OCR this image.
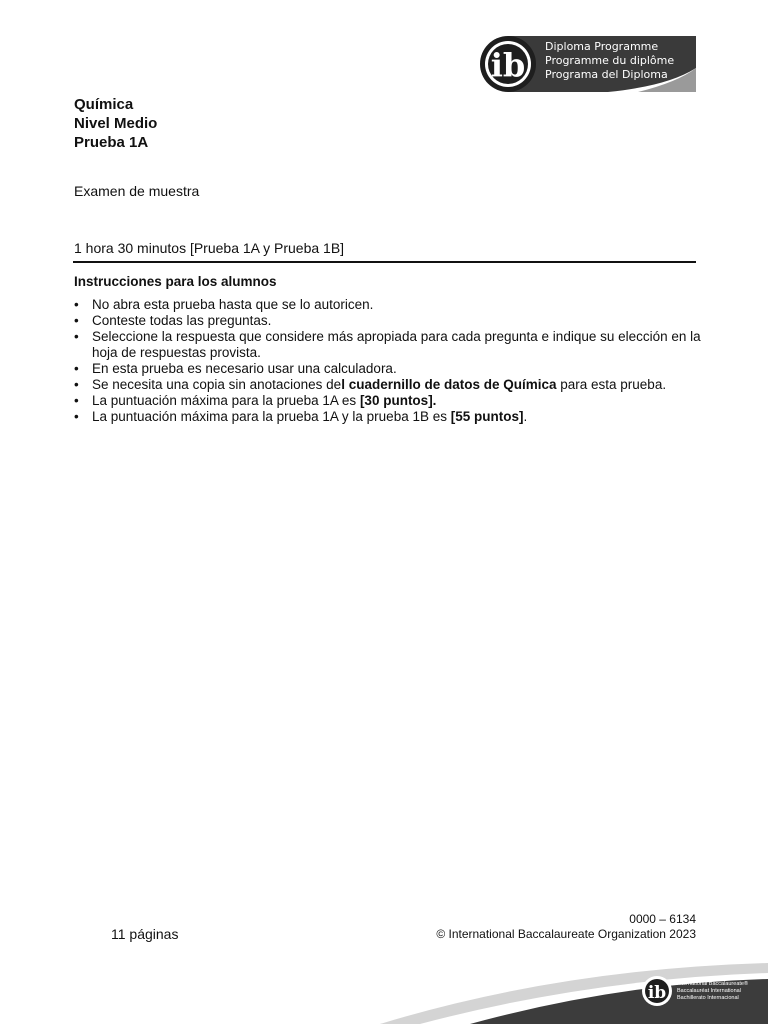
ib Diploma Programme
Programme du diplôme
Programa del Diploma
Química
Nivel Medio
Prueba 1A
Examen de muestra
1 hora 30 minutos [Prueba 1A y Prueba 1B]
Instrucciones para los alumnos
• No abra esta prueba hasta que se lo autoricen.
• Conteste todas las preguntas.
• Seleccione la respuesta que considere más apropiada para cada pregunta e indique su elección en la hoja de respuestas provista.
• En esta prueba es necesario usar una calculadora.
• Se necesita una copia sin anotaciones del cuadernillo de datos de Química para esta prueba.
• La puntuación máxima para la prueba 1A es [30 puntos].
• La puntuación máxima para la prueba 1A y la prueba 1B es [55 puntos].
11 páginas
0000 – 6134
© International Baccalaureate Organization 2023
ib International Baccalaureate®
Baccalauréat International
Bachillerato Internacional
